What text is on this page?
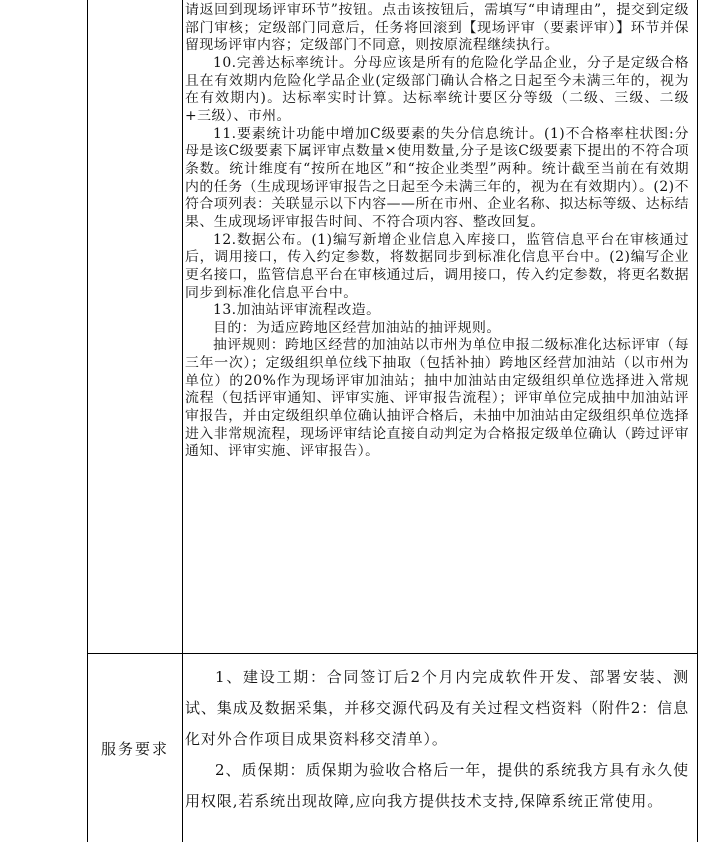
请返回到现场评审环节”按钮。点击该按钮后，需填写“申请理由”，提交到定级部门审核；定级部门同意后，任务将回滚到【现场评审（要素评审）】环节并保留现场评审内容；定级部门不同意，则按原流程继续执行。

10.完善达标率统计。分母应该是所有的危险化学品企业，分子是定级合格且在有效期内危险化学品企业(定级部门确认合格之日起至今未满三年的，视为在有效期内)。达标率实时计算。达标率统计要区分等级（二级、三级、二级+三级）、市州。

11.要素统计功能中增加C级要素的失分信息统计。(1)不合格率柱状图:分母是该C级要素下属评审点数量×使用数量,分子是该C级要素下提出的不符合项条数。统计维度有“按所在地区”和“按企业类型”两种。统计截至当前在有效期内的任务（生成现场评审报告之日起至今未满三年的，视为在有效期内）。(2)不符合项列表：关联显示以下内容——所在市州、企业名称、拟达标等级、达标结果、生成现场评审报告时间、不符合项内容、整改回复。

12.数据公布。(1)编写新增企业信息入库接口，监管信息平台在审核通过后，调用接口，传入约定参数，将数据同步到标准化信息平台中。(2)编写企业更名接口，监管信息平台在审核通过后，调用接口，传入约定参数，将更名数据同步到标准化信息平台中。

13.加油站评审流程改造。

目的：为适应跨地区经营加油站的抽评规则。

抽评规则：跨地区经营的加油站以市州为单位申报二级标准化达标评审（每三年一次）；定级组织单位线下抽取（包括补抽）跨地区经营加油站（以市州为单位）的20%作为现场评审加油站；抽中加油站由定级组织单位选择进入常规流程（包括评审通知、评审实施、评审报告流程）；评审单位完成抽中加油站评审报告，并由定级组织单位确认抽评合格后，未抽中加油站由定级组织单位选择进入非常规流程，现场评审结论直接自动判定为合格报定级单位确认（跨过评审通知、评审实施、评审报告）。

服务要求

1、建设工期：合同签订后2个月内完成软件开发、部署安装、测试、集成及数据采集，并移交源代码及有关过程文档资料（附件2：信息化对外合作项目成果资料移交清单）。

2、质保期：质保期为验收合格后一年，提供的系统我方具有永久使用权限,若系统出现故障,应向我方提供技术支持,保障系统正常使用。
